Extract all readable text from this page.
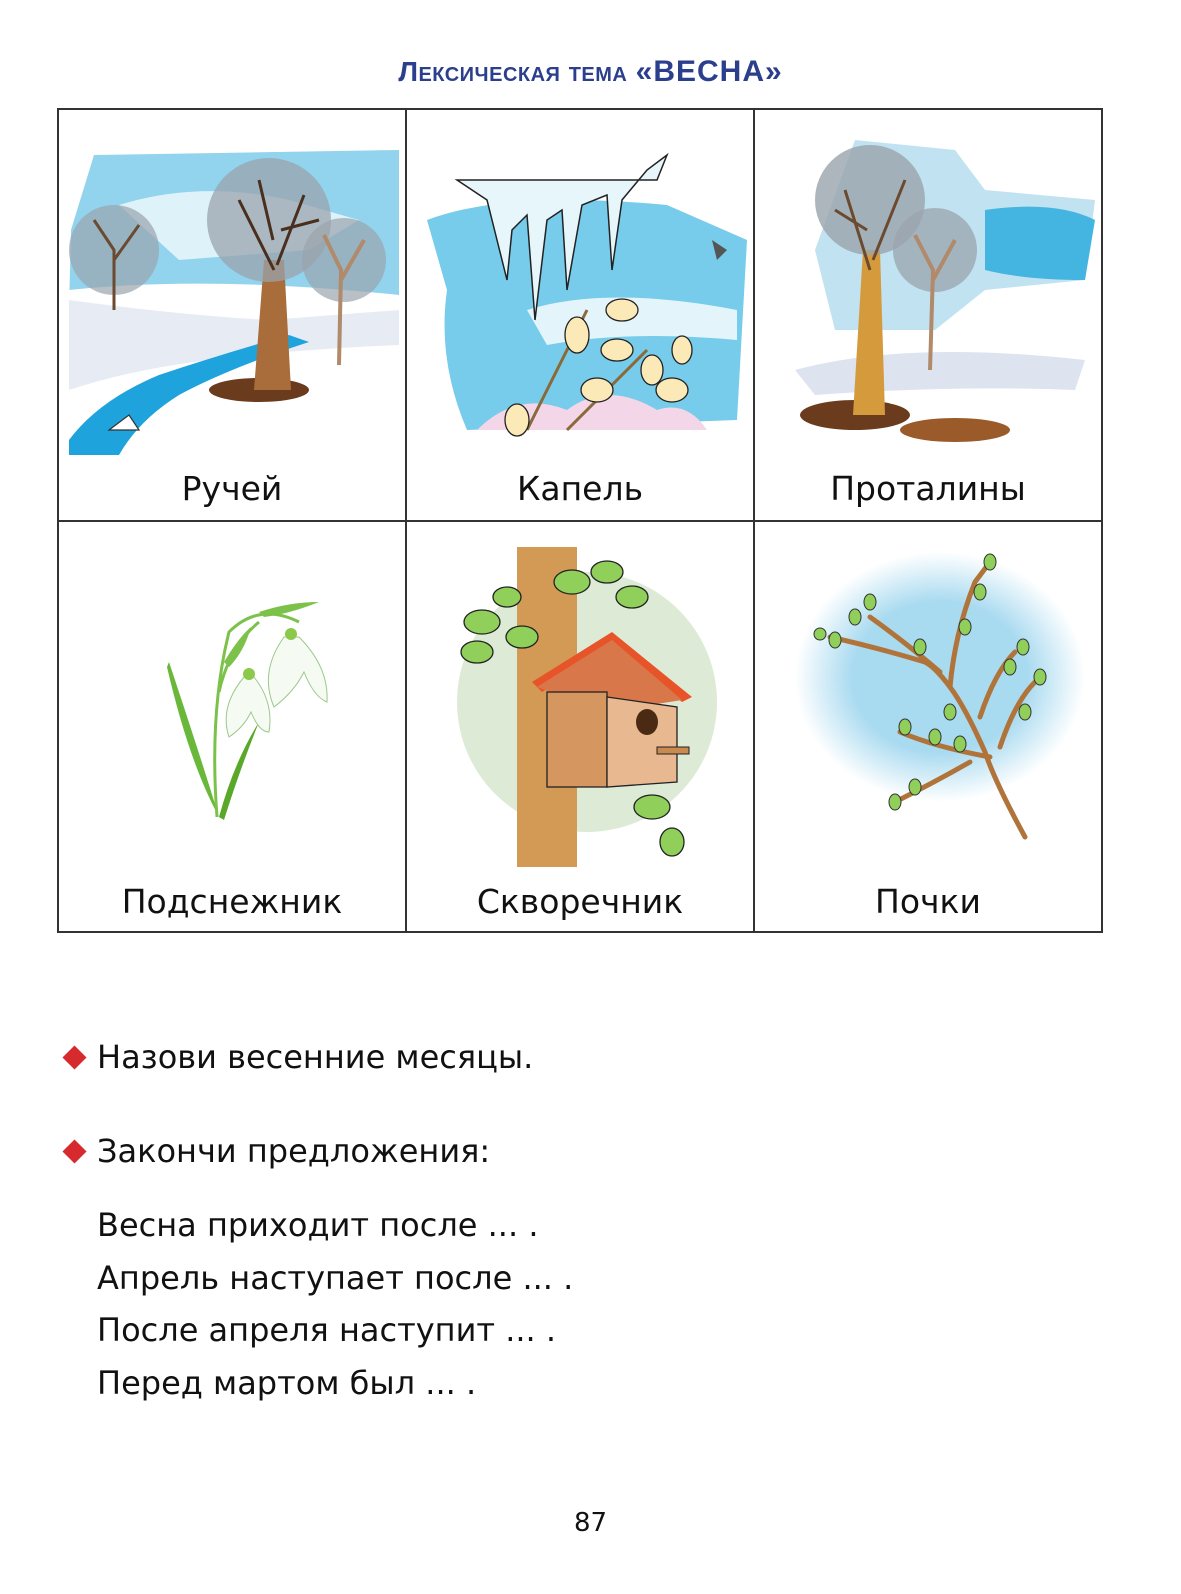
Лексическая тема «ВЕСНА»
Ручей	Капель	Проталины
Подснежник	Скворечник	Почки
Назови весенние месяцы.
Закончи предложения:
Весна приходит после ... .
Апрель наступает после ... .
После апреля наступит ... .
Перед мартом был ... .
87
